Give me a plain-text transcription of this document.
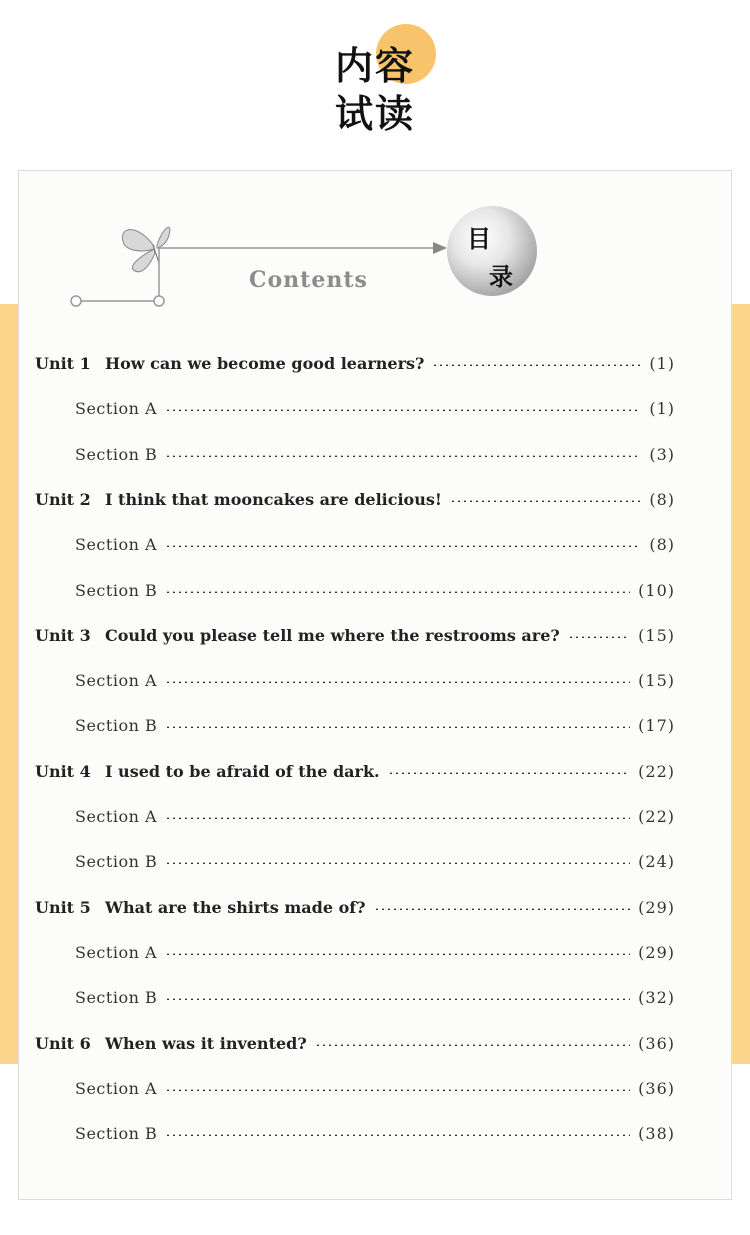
内容
试读
Contents
目
录
Unit 1 How can we become good learners?	(1)
Section A	(1)
Section B	(3)
Unit 2 I think that mooncakes are delicious!	(8)
Section A	(8)
Section B	(10)
Unit 3 Could you please tell me where the restrooms are?	(15)
Section A	(15)
Section B	(17)
Unit 4 I used to be afraid of the dark.	(22)
Section A	(22)
Section B	(24)
Unit 5 What are the shirts made of?	(29)
Section A	(29)
Section B	(32)
Unit 6 When was it invented?	(36)
Section A	(36)
Section B	(38)
